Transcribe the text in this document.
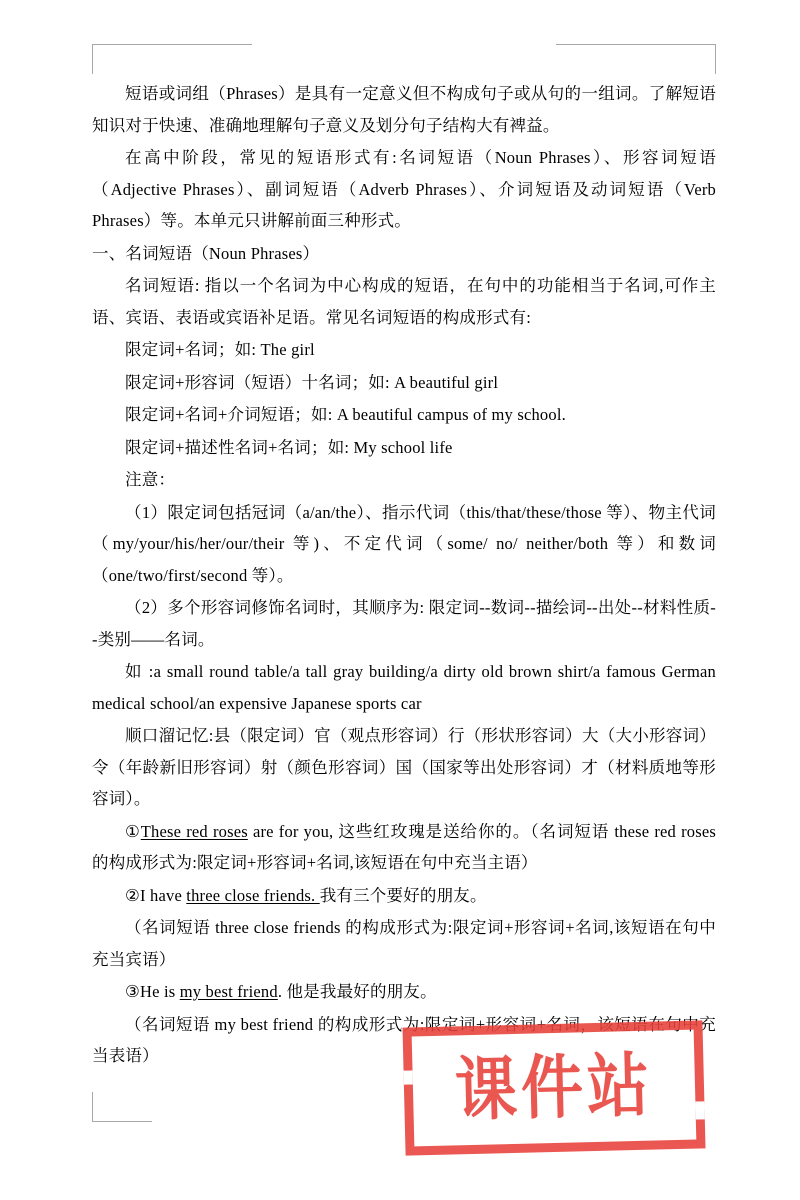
短语或词组（Phrases）是具有一定意义但不构成句子或从句的一组词。了解短语知识对于快速、准确地理解句子意义及划分句子结构大有裨益。

在高中阶段，常见的短语形式有:名词短语（Noun Phrases）、形容词短语（Adjective Phrases）、副词短语（Adverb Phrases）、介词短语及动词短语（Verb Phrases）等。本单元只讲解前面三种形式。

一、名词短语（Noun Phrases）

名词短语: 指以一个名词为中心构成的短语，在句中的功能相当于名词,可作主语、宾语、表语或宾语补足语。常见名词短语的构成形式有:

限定词+名词；如: The girl

限定词+形容词（短语）十名词；如: A beautiful girl

限定词+名词+介词短语；如: A beautiful campus of my school.

限定词+描述性名词+名词；如: My school life

注意：

（1）限定词包括冠词（a/an/the）、指示代词（this/that/these/those 等）、物主代词（my/your/his/her/our/their 等)、不定代词（some/ no/ neither/both 等）和数词（one/two/first/second 等）。

（2）多个形容词修饰名词时，其顺序为: 限定词--数词--描绘词--出处--材料性质--类别——名词。

如 :a small round table/a tall gray building/a dirty old brown shirt/a famous German medical school/an expensive Japanese sports car

顺口溜记忆:县（限定词）官（观点形容词）行（形状形容词）大（大小形容词）令（年龄新旧形容词）射（颜色形容词）国（国家等出处形容词）才（材料质地等形容词）。

①These red roses are for you, 这些红玫瑰是送给你的。（名词短语 these red roses 的构成形式为:限定词+形容词+名词,该短语在句中充当主语）

②I have three close friends. 我有三个要好的朋友。

（名词短语 three close friends 的构成形式为:限定词+形容词+名词,该短语在句中充当宾语）

③He is my best friend. 他是我最好的朋友。

（名词短语 my best friend 的构成形式为:限定词+形容词+名词，该短语在句中充当表语）	课件站
